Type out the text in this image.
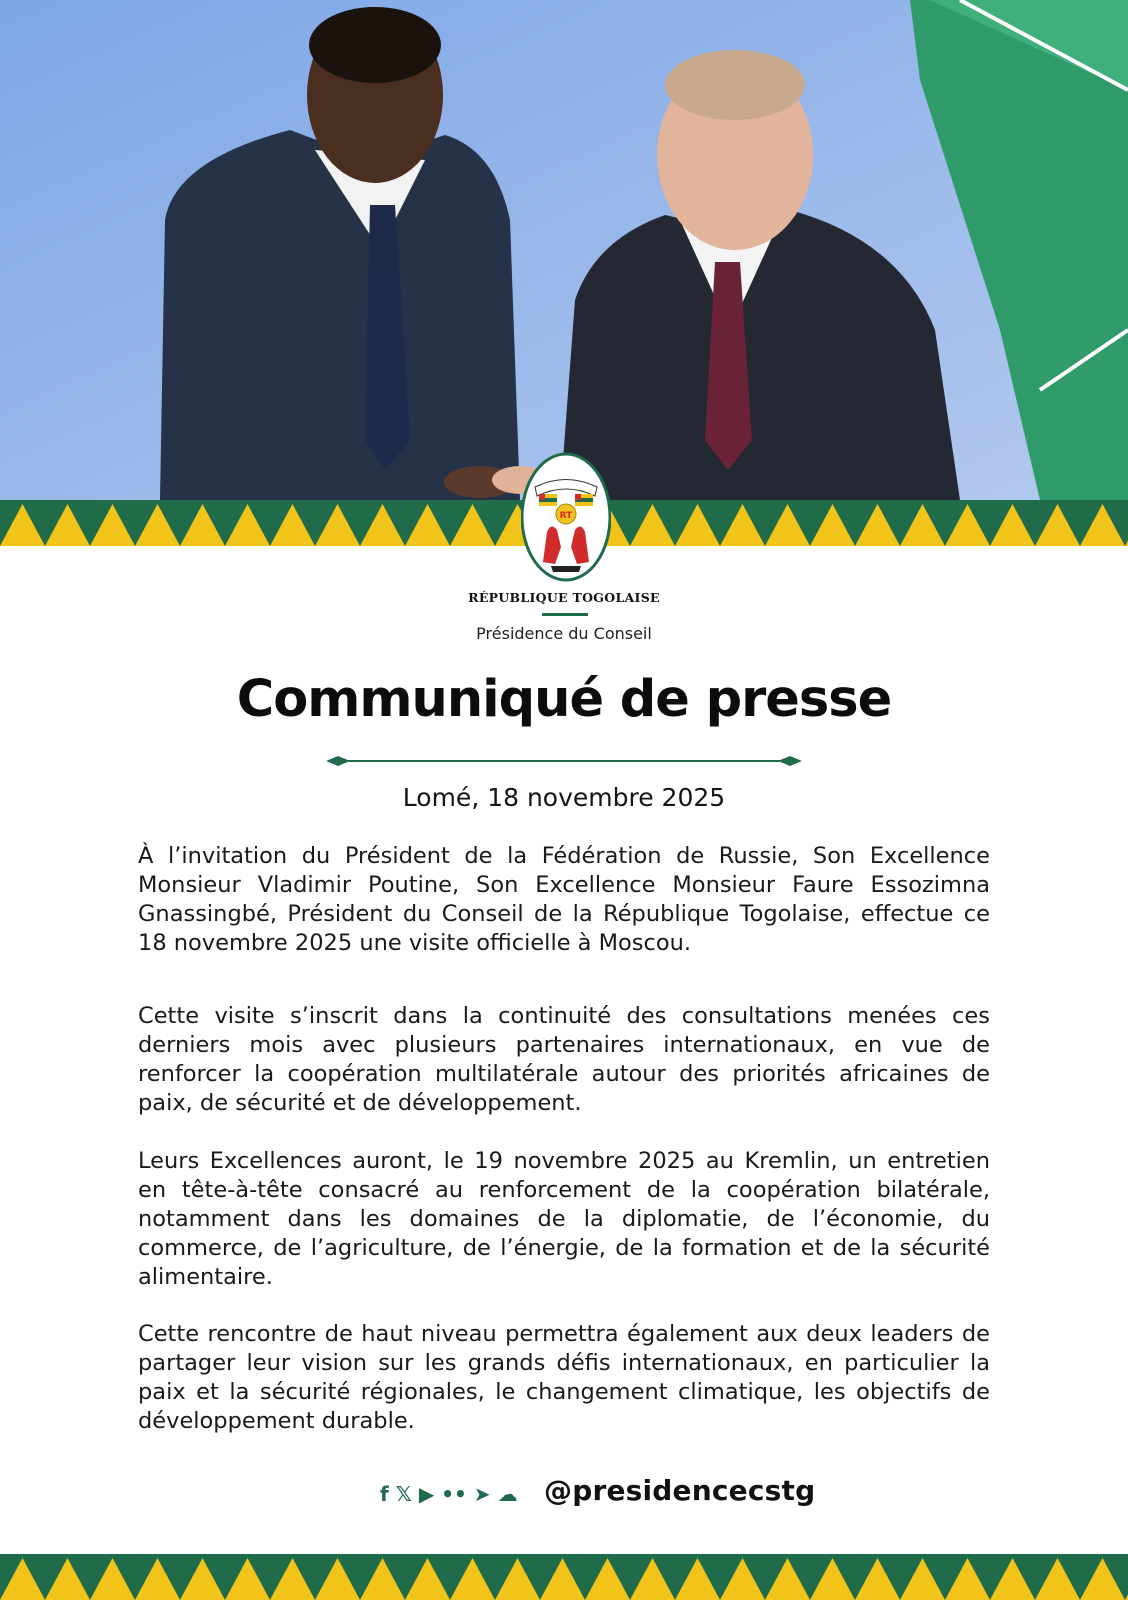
RT
RÉPUBLIQUE TOGOLAISE
Présidence du Conseil
Communiqué de presse
Lomé, 18 novembre 2025

À l’invitation du Président de la Fédération de Russie, Son Excellence Monsieur Vladimir Poutine, Son Excellence Monsieur Faure Essozimna Gnassingbé, Président du Conseil de la République Togolaise, effectue ce 18 novembre 2025 une visite officielle à Moscou.

Cette visite s’inscrit dans la continuité des consultations menées ces derniers mois avec plusieurs partenaires internationaux, en vue de renforcer la coopération multilatérale autour des priorités africaines de paix, de sécurité et de développement.

Leurs Excellences auront, le 19 novembre 2025 au Kremlin, un entretien en tête-à-tête consacré au renforcement de la coopération bilatérale, notamment dans les domaines de la diplomatie, de l’économie, du commerce, de l’agriculture, de l’énergie, de la formation et de la sécurité alimentaire.

Cette rencontre de haut niveau permettra également aux deux leaders de partager leur vision sur les grands défis internationaux, en particulier la paix et la sécurité régionales, le changement climatique, les objectifs de développement durable.

f 𝕏 ▶ •• ➤ ☁ @presidencecstg
